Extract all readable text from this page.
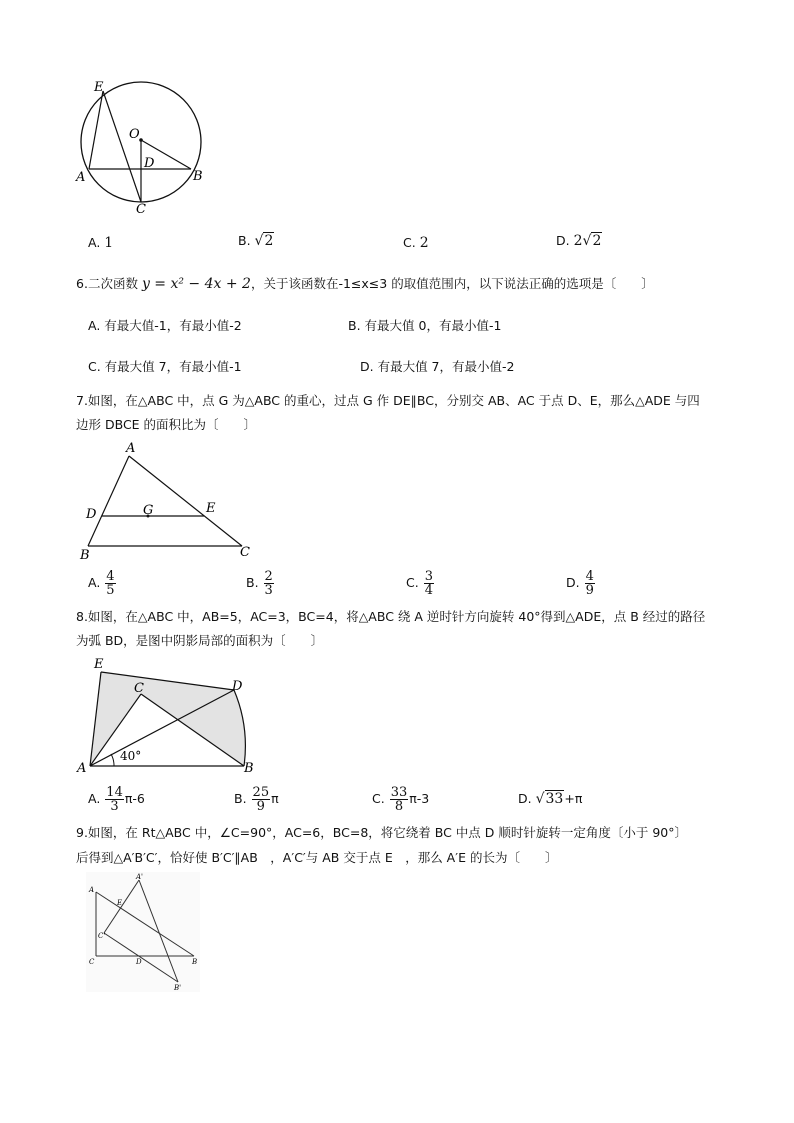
E
O
D
A	B
C
A. 1	B. √2	C. 2	D. 2√2
6.二次函数 y = x² − 4x + 2，关于该函数在-1≤x≤3 的取值范围内，以下说法正确的选项是〔　　〕
A. 有最大值-1，有最小值-2	B. 有最大值 0，有最小值-1
C. 有最大值 7，有最小值-1	D. 有最大值 7，有最小值-2
7.如图，在△ABC 中，点 G 为△ABC 的重心，过点 G 作 DE∥BC，分别交 AB、AC 于点 D、E，那么△ADE 与四
边形 DBCE 的面积比为〔　　〕
A
D	G	E
B	C
A. $\frac{4}{5}$	B. $\frac{2}{3}$	C. $\frac{3}{4}$	D. $\frac{4}{9}$
8.如图，在△ABC 中，AB=5，AC=3，BC=4，将△ABC 绕 A 逆时针方向旋转 40°得到△ADE，点 B 经过的路径
为弧 BD，是图中阴影局部的面积为〔　　〕
E
C	D
A	B
40°
A. $\frac{14}{3} \pi-6$	B. $\frac{25}{9}$ π	C. $\frac{33}{8} \pi-3$	D. √33+π
9.如图，在 Rt△ABC 中，∠C=90°，AC=6，BC=8，将它绕着 BC 中点 D 顺时针旋转一定角度〔小于 90°〕
后得到△A′B′C′，恰好使 B′C′∥AB　，A′C′与 AB 交于点 E　，那么 A′E 的长为〔　　〕
A
A'
E
C'
C	D	B
B'
